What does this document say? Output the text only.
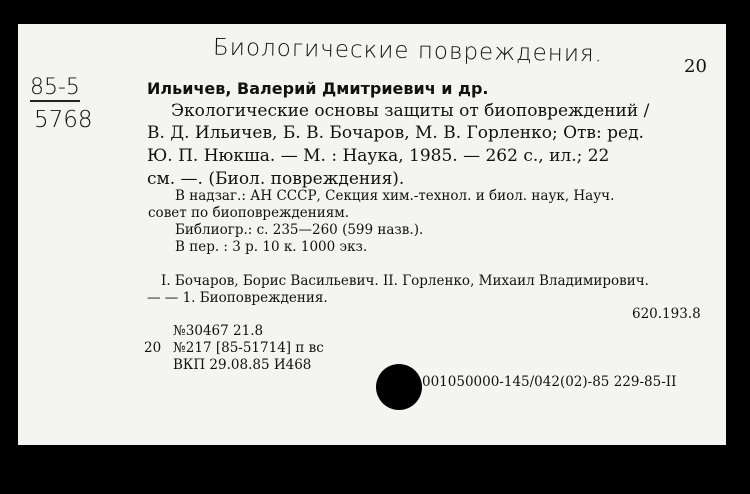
Биологические повреждения.	20
85-5
5768
Ильичев, Валерий Дмитриевич и др.
Экологические основы защиты от биоповреждений /
В. Д. Ильичев, Б. В. Бочаров, М. В. Горленко; Отв: ред.
Ю. П. Нюкша. — М. : Наука, 1985. — 262 с., ил.; 22
см. —. (Биол. повреждения).
В надзаг.: АН СССР, Секция хим.-технол. и биол. наук, Науч.
совет по биоповреждениям.
Библиогр.: с. 235—260 (599 назв.).
В пер. : 3 р. 10 к. 1000 экз.
I. Бочаров, Борис Васильевич. II. Горленко, Михаил Владимирович.
— — 1. Биоповреждения.
620.193.8
№30467 21.8
20 №217 [85-51714] п вс
ВКП 29.08.85 И468
001050000-145/042(02)-85 229-85-II
